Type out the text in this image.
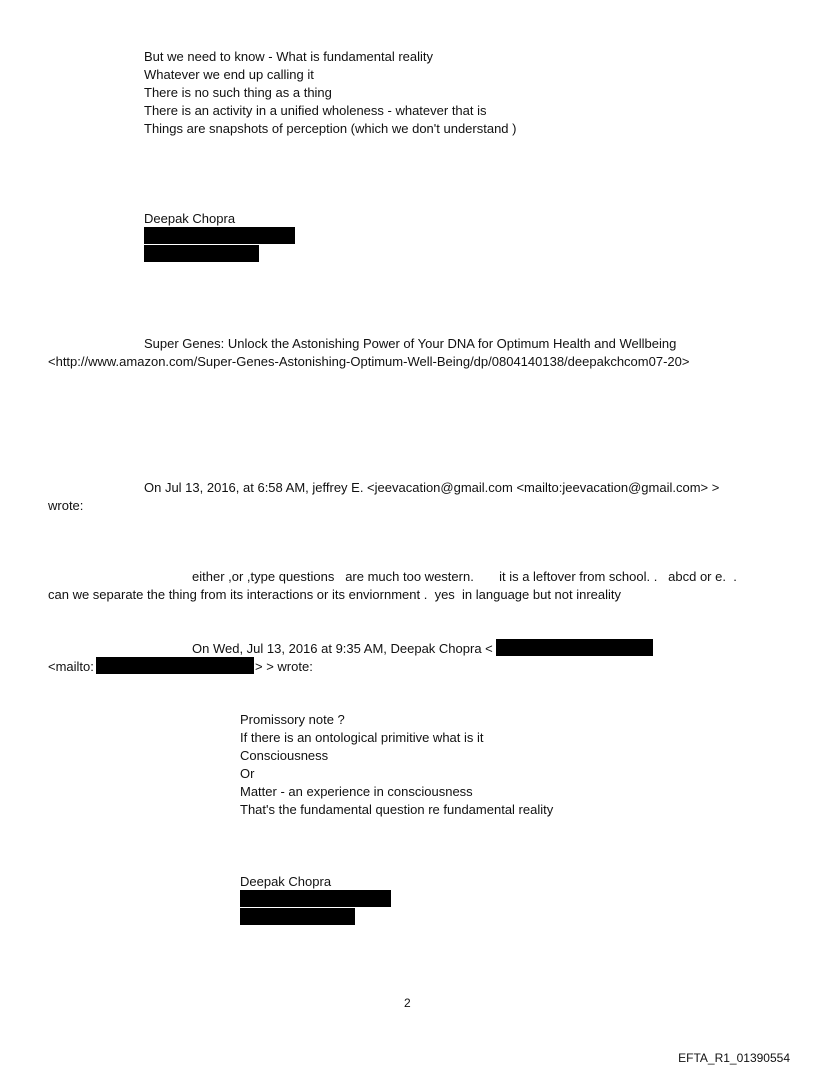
But we need to know - What is fundamental reality
Whatever we end up calling it
There is no such thing as a thing
There is an activity in a unified wholeness - whatever that is
Things are snapshots of perception (which we don't understand )
Deepak Chopra
Super Genes: Unlock the Astonishing Power of Your DNA for Optimum Health and Wellbeing
<http://www.amazon.com/Super-Genes-Astonishing-Optimum-Well-Being/dp/0804140138/deepakchcom07-20>
On Jul 13, 2016, at 6:58 AM, jeffrey E. <jeevacation@gmail.com <mailto:jeevacation@gmail.com> >
wrote:
either ,or ,type questions   are much too western.       it is a leftover from school. .   abcd or e.  .
can we separate the thing from its interactions or its enviornment .  yes  in language but not inreality
On Wed, Jul 13, 2016 at 9:35 AM, Deepak Chopra <
<mailto:	> > wrote:
Promissory note ?
If there is an ontological primitive what is it
Consciousness
Or
Matter - an experience in consciousness
That's the fundamental question re fundamental reality
Deepak Chopra
2
EFTA_R1_01390554
